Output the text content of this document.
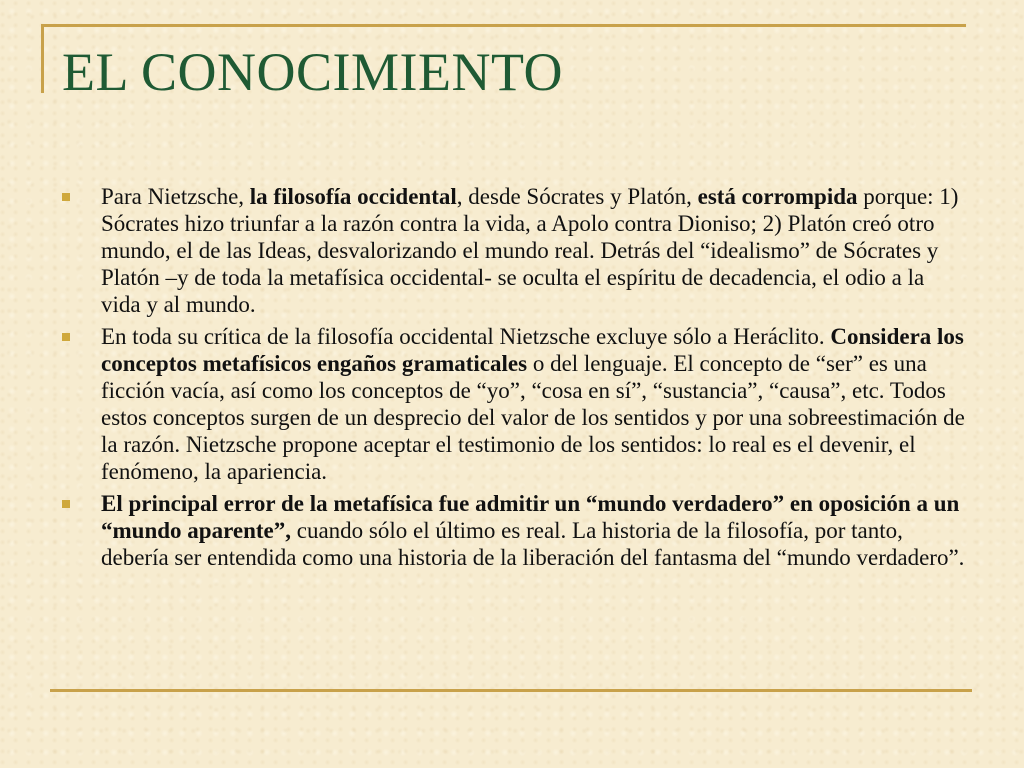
EL CONOCIMIENTO
Para Nietzsche, la filosofía occidental, desde Sócrates y Platón, está corrompida porque: 1) Sócrates hizo triunfar a la razón contra la vida, a Apolo contra Dioniso; 2) Platón creó otro mundo, el de las Ideas, desvalorizando el mundo real. Detrás del “idealismo” de Sócrates y Platón –y de toda la metafísica occidental- se oculta el espíritu de decadencia, el odio a la vida y al mundo.
En toda su crítica de la filosofía occidental Nietzsche excluye sólo a Heráclito. Considera los conceptos metafísicos engaños gramaticales o del lenguaje. El concepto de “ser” es una ficción vacía, así como los conceptos de “yo”, “cosa en sí”, “sustancia”, “causa”, etc. Todos estos conceptos surgen de un desprecio del valor de los sentidos y por una sobreestimación de la razón. Nietzsche propone aceptar el testimonio de los sentidos: lo real es el devenir, el fenómeno, la apariencia.
El principal error de la metafísica fue admitir un “mundo verdadero” en oposición a un “mundo aparente”, cuando sólo el último es real. La historia de la filosofía, por tanto, debería ser entendida como una historia de la liberación del fantasma del “mundo verdadero”.
